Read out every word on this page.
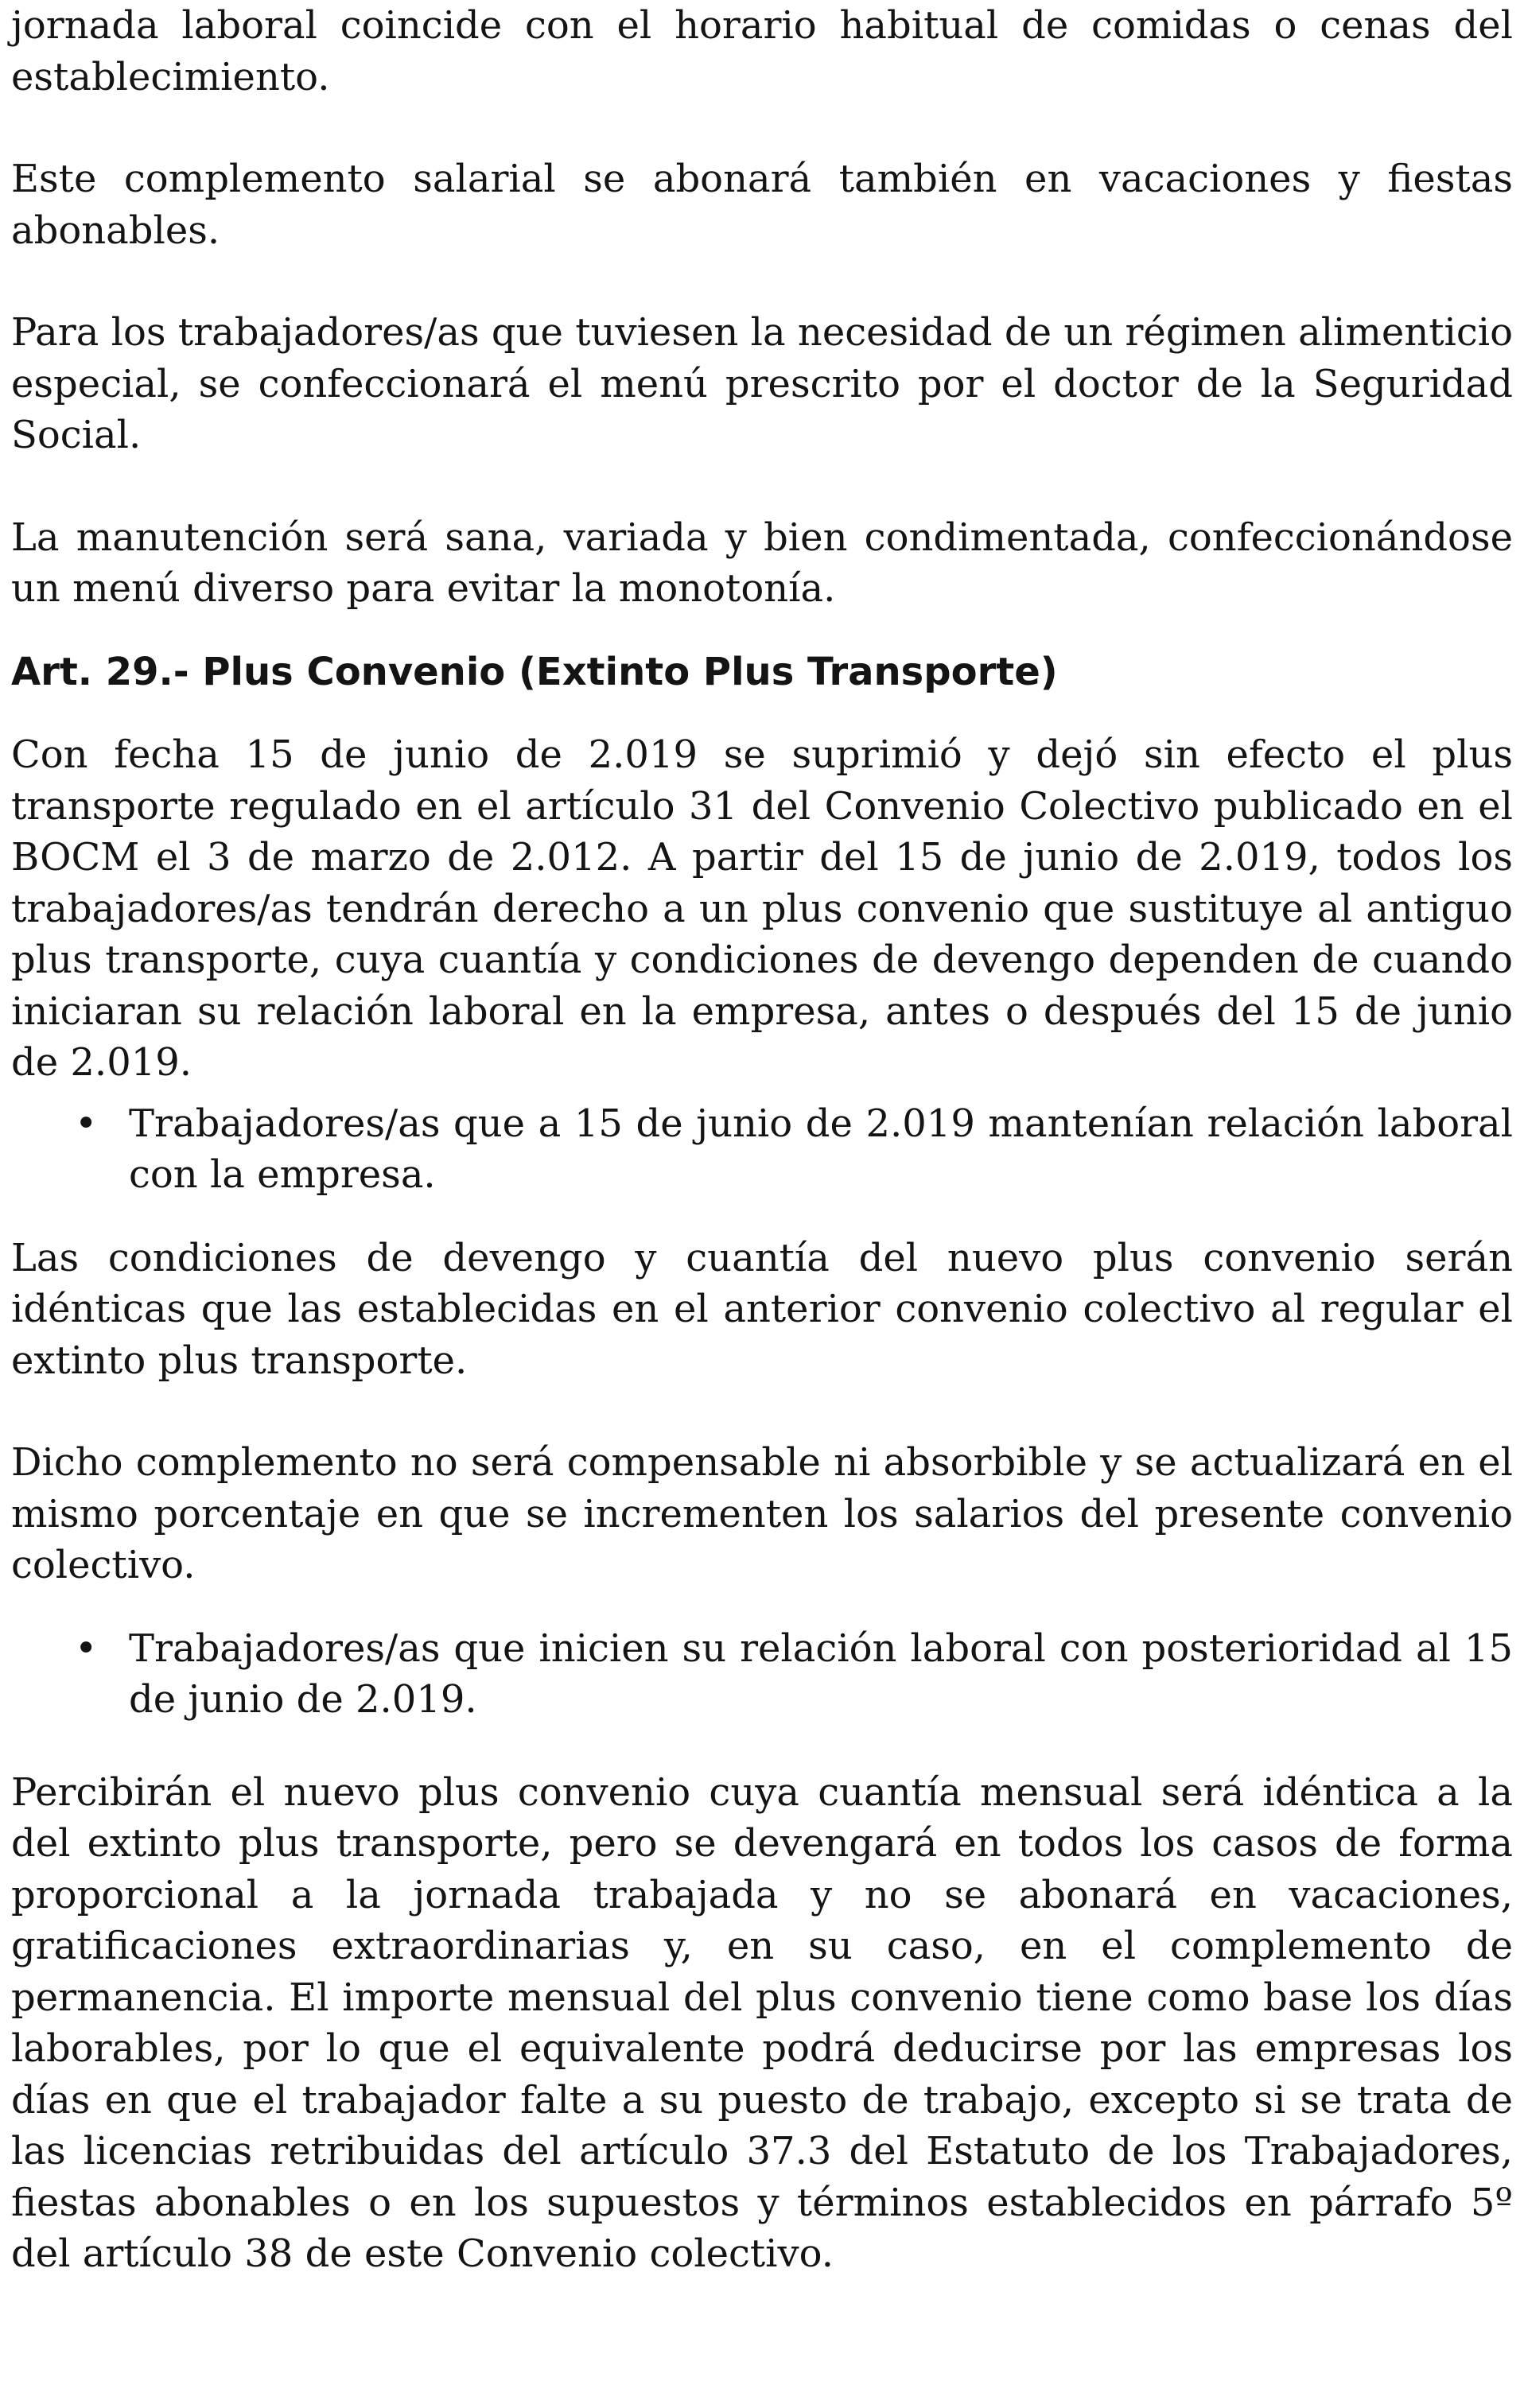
jornada laboral coincide con el horario habitual de comidas o cenas del establecimiento.

Este complemento salarial se abonará también en vacaciones y fiestas abonables.

Para los trabajadores/as que tuviesen la necesidad de un régimen alimenticio especial, se confeccionará el menú prescrito por el doctor de la Seguridad Social.

La manutención será sana, variada y bien condimentada, confeccionándose un menú diverso para evitar la monotonía.

Art. 29.- Plus Convenio (Extinto Plus Transporte)

Con fecha 15 de junio de 2.019 se suprimió y dejó sin efecto el plus transporte regulado en el artículo 31 del Convenio Colectivo publicado en el BOCM el 3 de marzo de 2.012. A partir del 15 de junio de 2.019, todos los trabajadores/as tendrán derecho a un plus convenio que sustituye al antiguo plus transporte, cuya cuantía y condiciones de devengo dependen de cuando iniciaran su relación laboral en la empresa, antes o después del 15 de junio de 2.019.

• Trabajadores/as que a 15 de junio de 2.019 mantenían relación laboral con la empresa.

Las condiciones de devengo y cuantía del nuevo plus convenio serán idénticas que las establecidas en el anterior convenio colectivo al regular el extinto plus transporte.

Dicho complemento no será compensable ni absorbible y se actualizará en el mismo porcentaje en que se incrementen los salarios del presente convenio colectivo.

• Trabajadores/as que inicien su relación laboral con posterioridad al 15 de junio de 2.019.

Percibirán el nuevo plus convenio cuya cuantía mensual será idéntica a la del extinto plus transporte, pero se devengará en todos los casos de forma proporcional a la jornada trabajada y no se abonará en vacaciones, gratificaciones extraordinarias y, en su caso, en el complemento de permanencia. El importe mensual del plus convenio tiene como base los días laborables, por lo que el equivalente podrá deducirse por las empresas los días en que el trabajador falte a su puesto de trabajo, excepto si se trata de las licencias retribuidas del artículo 37.3 del Estatuto de los Trabajadores, fiestas abonables o en los supuestos y términos establecidos en párrafo 5º del artículo 38 de este Convenio colectivo.
